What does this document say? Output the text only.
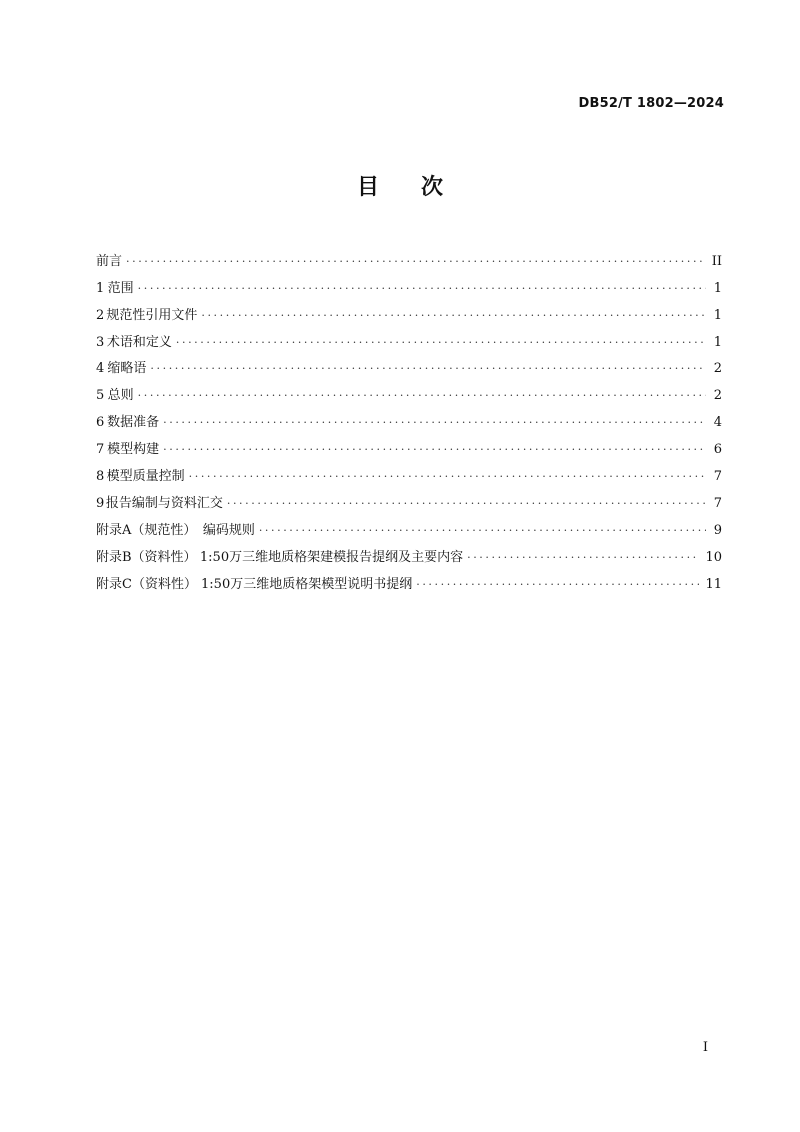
DB52/T 1802—2024
目 次
前言 .....	II
1 范围 .....	1
2 规范性引用文件 .....	1
3 术语和定义 .....	1
4 缩略语 .....	2
5 总则 .....	2
6 数据准备 .....	4
7 模型构建 .....	6
8 模型质量控制 .....	7
9 报告编制与资料汇交 .....	7
附录A（规范性） 编码规则 .....	9
附录B（资料性） 1:50万三维地质格架建模报告提纲及主要内容 .....	10
附录C（资料性） 1:50万三维地质格架模型说明书提纲 .....	11
I
